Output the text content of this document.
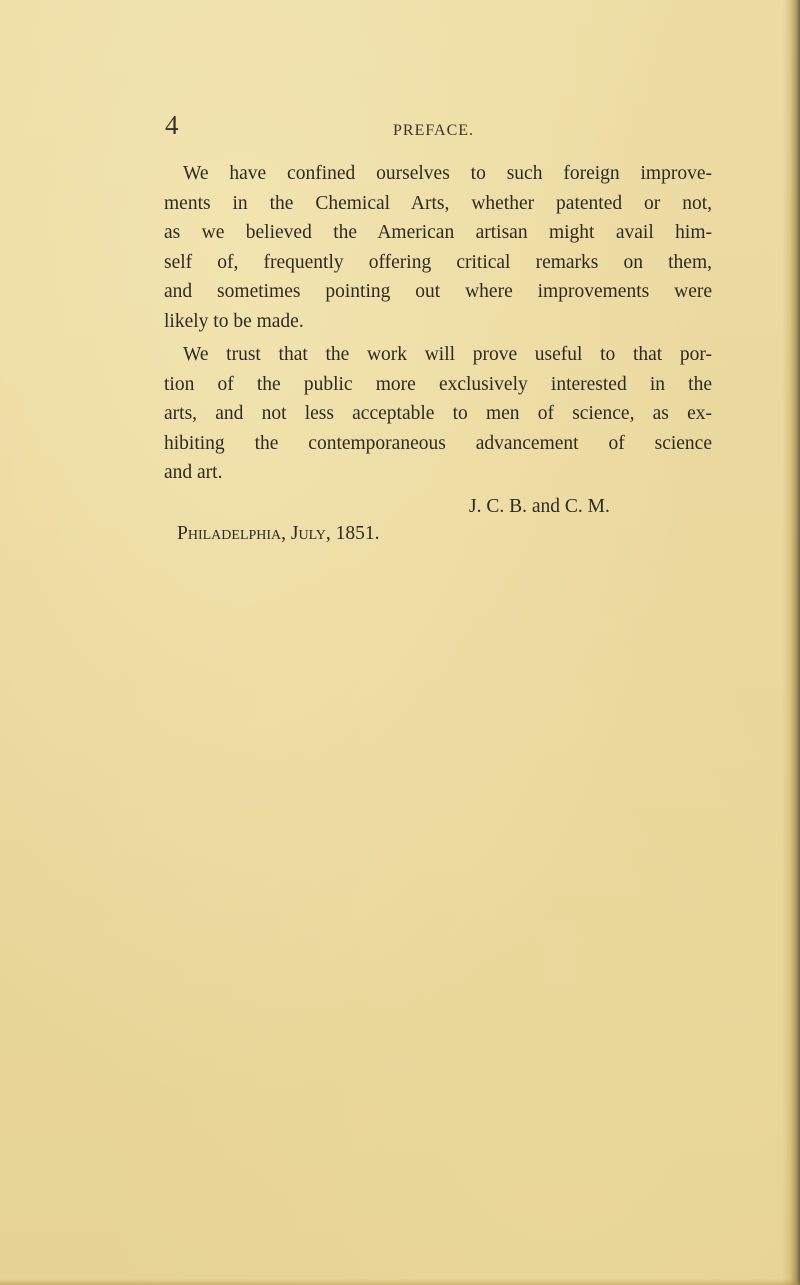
4	PREFACE.
We have confined ourselves to such foreign improve-
ments in the Chemical Arts, whether patented or not,
as we believed the American artisan might avail him-
self of, frequently offering critical remarks on them,
and sometimes pointing out where improvements were
likely to be made.
We trust that the work will prove useful to that por-
tion of the public more exclusively interested in the
arts, and not less acceptable to men of science, as ex-
hibiting the contemporaneous advancement of science
and art.
J. C. B. and C. M.
Philadelphia, July, 1851.
